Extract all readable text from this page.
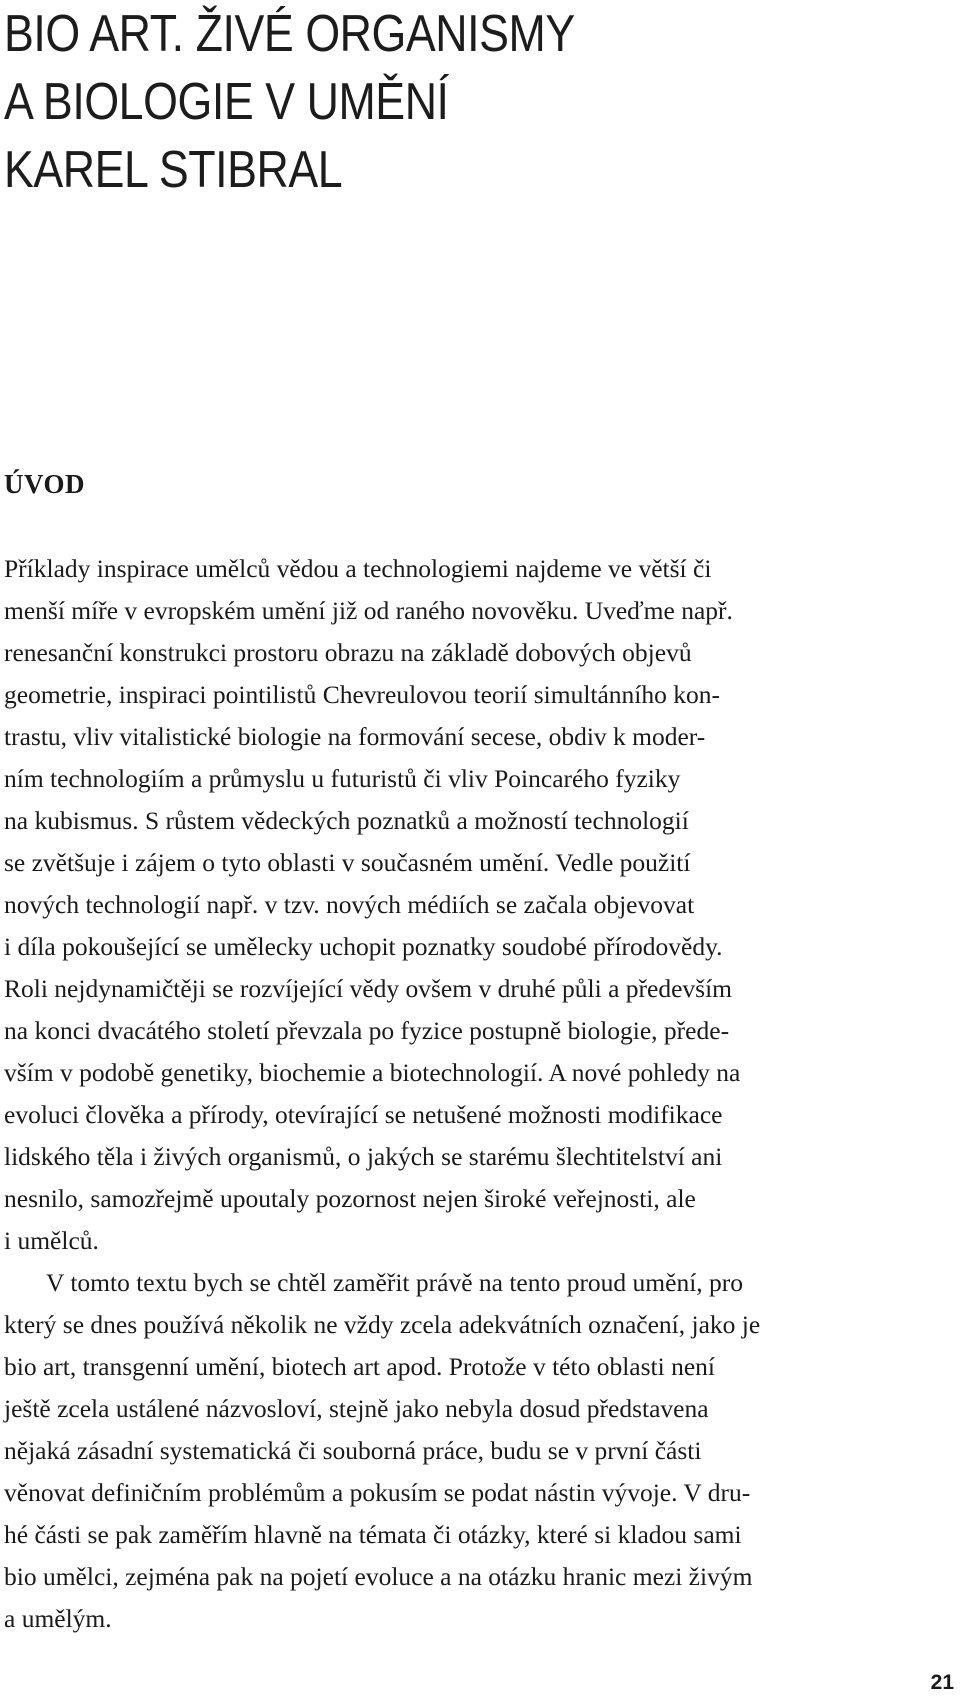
BIO ART. ŽIVÉ ORGANISMY
A BIOLOGIE V UMĚNÍ
KAREL STIBRAL
ÚVOD
Příklady inspirace umělců vědou a technologiemi najdeme ve větší či
menší míře v evropském umění již od raného novověku. Uveďme např.
renesanční konstrukci prostoru obrazu na základě dobových objevů
geometrie, inspiraci pointilistů Chevreulovou teorií simultánního kon-
trastu, vliv vitalistické biologie na formování secese, obdiv k moder-
ním technologiím a průmyslu u futuristů či vliv Poincarého fyziky
na kubismus. S růstem vědeckých poznatků a možností technologií
se zvětšuje i zájem o tyto oblasti v současném umění. Vedle použití
nových technologií např. v tzv. nových médiích se začala objevovat
i díla pokoušející se umělecky uchopit poznatky soudobé přírodovědy.
Roli nejdynamičtěji se rozvíjející vědy ovšem v druhé půli a především
na konci dvacátého století převzala po fyzice postupně biologie, přede-
vším v podobě genetiky, biochemie a biotechnologií. A nové pohledy na
evoluci člověka a přírody, otevírající se netušené možnosti modifikace
lidského těla i živých organismů, o jakých se starému šlechtitelství ani
nesnilo, samozřejmě upoutaly pozornost nejen široké veřejnosti, ale
i umělců.
V tomto textu bych se chtěl zaměřit právě na tento proud umění, pro
který se dnes používá několik ne vždy zcela adekvátních označení, jako je
bio art, transgenní umění, biotech art apod. Protože v této oblasti není
ještě zcela ustálené názvosloví, stejně jako nebyla dosud představena
nějaká zásadní systematická či souborná práce, budu se v první části
věnovat definičním problémům a pokusím se podat nástin vývoje. V dru-
hé části se pak zaměřím hlavně na témata či otázky, které si kladou sami
bio umělci, zejména pak na pojetí evoluce a na otázku hranic mezi živým
a umělým.
21
